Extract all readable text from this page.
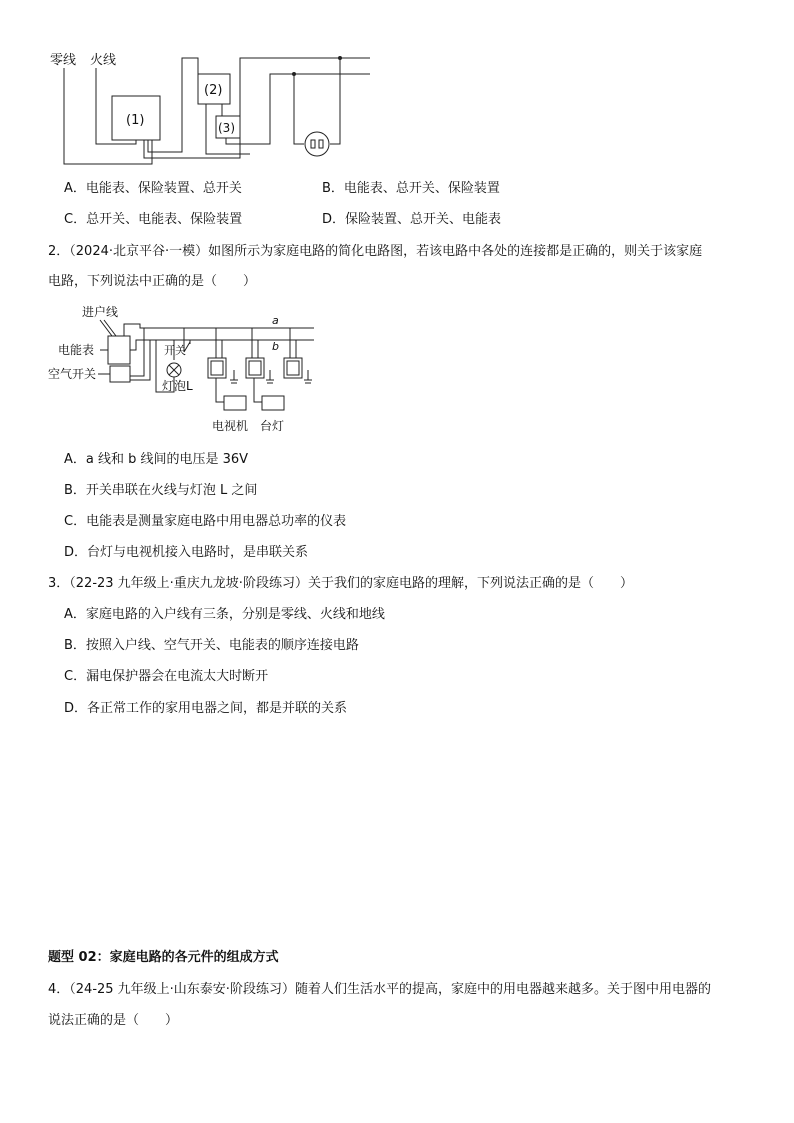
零线 火线
(1)
(2)
(3)
A．电能表、保险装置、总开关	B．电能表、总开关、保险装置
C．总开关、电能表、保险装置	D．保险装置、总开关、电能表
2．（2024·北京平谷·一模）如图所示为家庭电路的简化电路图，若该电路中各处的连接都是正确的，则关于该家庭
电路，下列说法中正确的是（　　）
进户线
电能表
空气开关
开关
灯泡L
a
b
电视机 台灯
A．a 线和 b 线间的电压是 36V
B．开关串联在火线与灯泡 L 之间
C．电能表是测量家庭电路中用电器总功率的仪表
D．台灯与电视机接入电路时，是串联关系
3．（22-23 九年级上·重庆九龙坡·阶段练习）关于我们的家庭电路的理解，下列说法正确的是（　　）
A．家庭电路的入户线有三条，分别是零线、火线和地线
B．按照入户线、空气开关、电能表的顺序连接电路
C．漏电保护器会在电流太大时断开
D．各正常工作的家用电器之间，都是并联的关系
题型 02：家庭电路的各元件的组成方式
4．（24-25 九年级上·山东泰安·阶段练习）随着人们生活水平的提高，家庭中的用电器越来越多。关于图中用电器的
说法正确的是（　　）
